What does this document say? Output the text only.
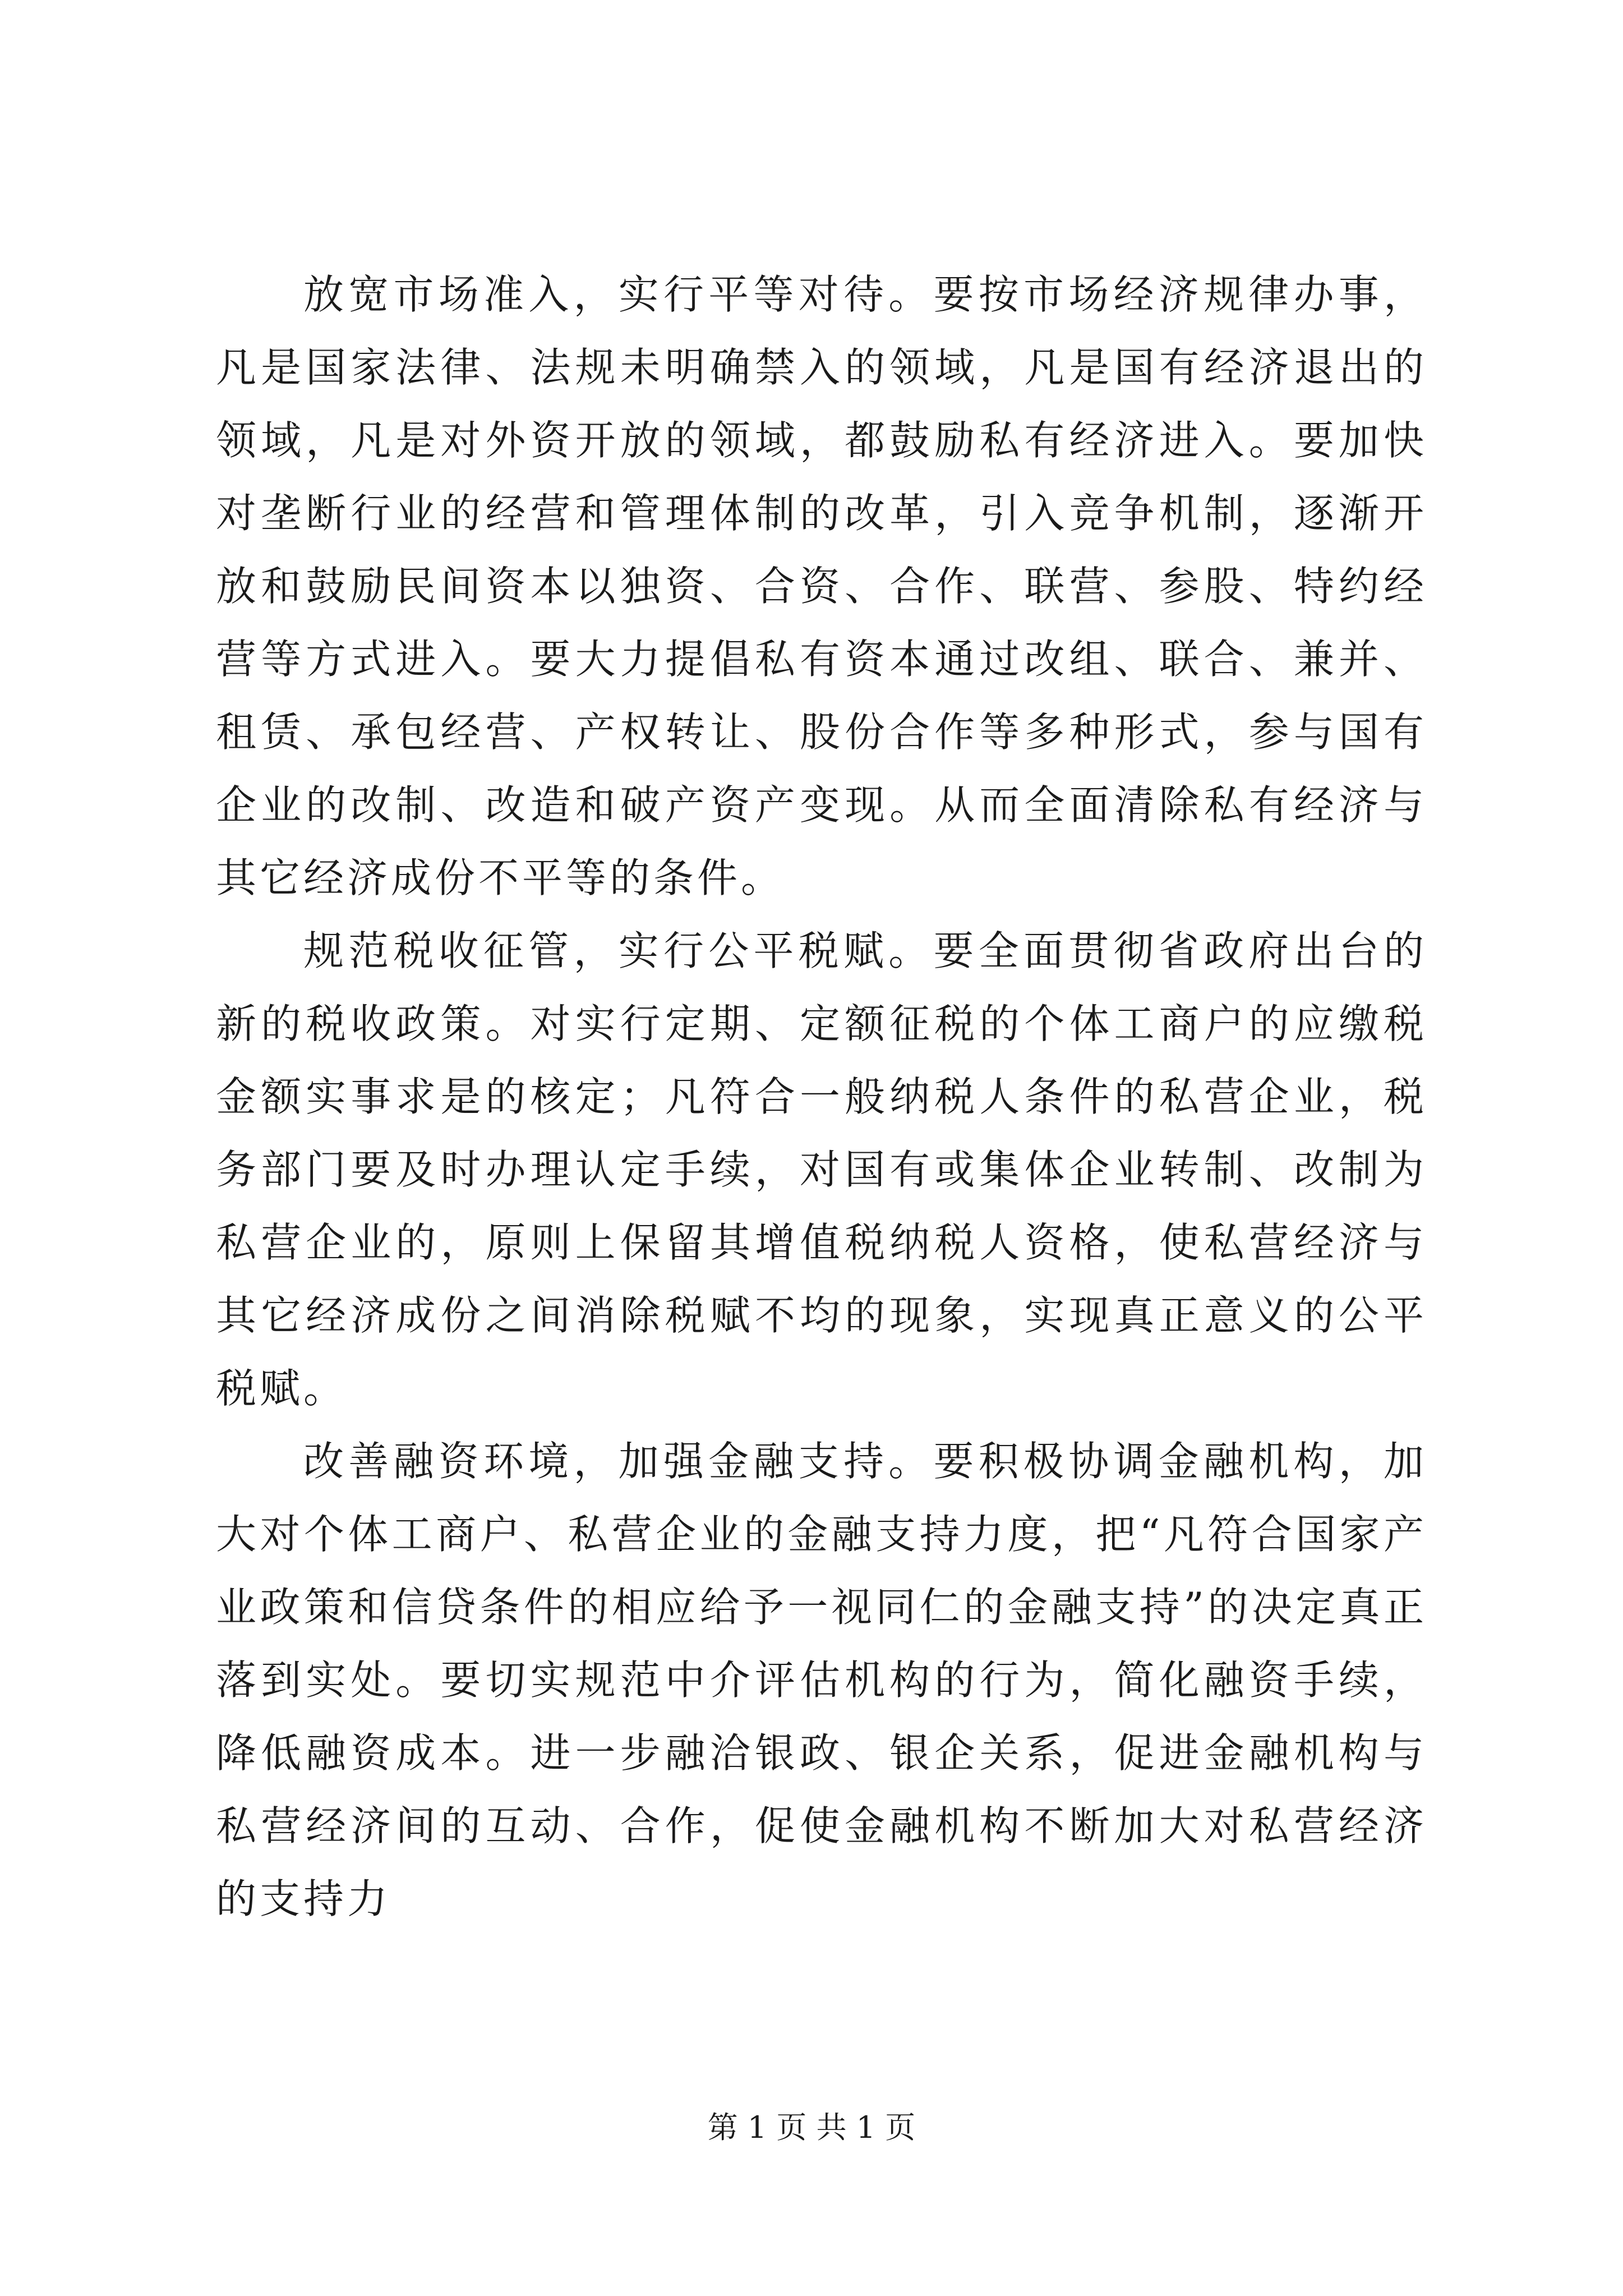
放宽市场准入，实行平等对待。要按市场经济规律办事，凡是国家法律、法规未明确禁入的领域，凡是国有经济退出的领域，凡是对外资开放的领域，都鼓励私有经济进入。要加快对垄断行业的经营和管理体制的改革，引入竞争机制，逐渐开放和鼓励民间资本以独资、合资、合作、联营、参股、特约经营等方式进入。要大力提倡私有资本通过改组、联合、兼并、租赁、承包经营、产权转让、股份合作等多种形式，参与国有企业的改制、改造和破产资产变现。从而全面清除私有经济与其它经济成份不平等的条件。

规范税收征管，实行公平税赋。要全面贯彻省政府出台的新的税收政策。对实行定期、定额征税的个体工商户的应缴税金额实事求是的核定；凡符合一般纳税人条件的私营企业，税务部门要及时办理认定手续，对国有或集体企业转制、改制为私营企业的，原则上保留其增值税纳税人资格，使私营经济与其它经济成份之间消除税赋不均的现象，实现真正意义的公平税赋。

改善融资环境，加强金融支持。要积极协调金融机构，加大对个体工商户、私营企业的金融支持力度，把“凡符合国家产业政策和信贷条件的相应给予一视同仁的金融支持”的决定真正落到实处。要切实规范中介评估机构的行为，简化融资手续，降低融资成本。进一步融洽银政、银企关系，促进金融机构与私营经济间的互动、合作，促使金融机构不断加大对私营经济的支持力

第 1 页 共 1 页
